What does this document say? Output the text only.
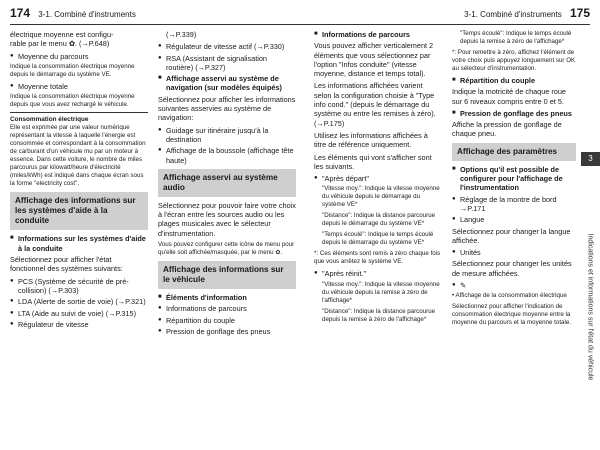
174 3-1. Combiné d'instruments	3-1. Combiné d'instruments 175

électrique moyenne est configu-

rable par le menu ✿. (→P.648)

● Moyenne du parcours

Indique la consommation électrique moyenne depuis le démarrage du système VE.

● Moyenne totale

Indique la consommation électrique moyenne depuis que vous avez rechargé le véhicule.

Consommation électrique

Elle est exprimée par une valeur numérique représentant la vitesse à laquelle l'énergie est consommée et correspondant à la consommation de carburant d'un véhicule mu par un moteur à essence. Dans cette voiture, le nombre de miles parcourus par kilowatt/heure d'électricité (miles/kWh) est indiqué dans chaque écran sous la forme "electricity cost".

Affichage des informations sur les systèmes d'aide à la conduite
■ Informations sur les systèmes d'aide à la conduite

Sélectionnez pour afficher l'état fonctionnel des systèmes suivants:

● PCS (Système de sécurité de pré-collision) (→P.303)
● LDA (Alerte de sortie de voie) (→P.321)
● LTA (Aide au suivi de voie) (→P.315)
● Régulateur de vitesse

(→P.339)

● Régulateur de vitesse actif (→P.330)
● RSA (Assistant de signalisation routière) (→P.327)
■ Affichage asservi au système de navigation (sur modèles équipés)

Sélectionnez pour afficher les informations suivantes asservies au système de navigation:

● Guidage sur itinéraire jusqu'à la destination
● Affichage de la boussole (affichage tête haute)
Affichage asservi au système audio

Sélectionnez pour pouvoir faire votre choix à l'écran entre les sources audio ou les plages musicales avec le sélecteur d'instrumentation.

Vous pouvez configurer cette icône de menu pour qu'elle soit affichée/masquée, par le menu ✿.

Affichage des informations sur le véhicule
■ Éléments d'information
● Informations de parcours
● Répartition du couple
● Pression de gonflage des pneus
■ Informations de parcours

Vous pouvez afficher verticalement 2 éléments que vous sélectionnez par l'option "Infos conduite" (vitesse moyenne, distance et temps total).

Les informations affichées varient selon la configuration choisie à "Type info cond." (depuis le démarrage du système ou entre les remises à zéro). (→P.175)

Utilisez les informations affichées à titre de référence uniquement.

Les éléments qui vont s'afficher sont les suivants.

● "Après départ"

"Vitesse moy.": Indique la vitesse moyenne du véhicule depuis le démarrage du système VE*

"Distance": Indique la distance parcourue depuis le démarrage du système VE*

"Temps écoulé": Indique le temps écoulé depuis le démarrage du système VE*

*: Ces éléments sont remis à zéro chaque fois que vous arrêtez le système VE.

● "Après réinit."

"Vitesse moy.": Indique la vitesse moyenne du véhicule depuis la remise à zéro de l'affichage*

"Distance": Indique la distance parcourue depuis la remise à zéro de l'affichage*

"Temps écoulé": Indique le temps écoulé depuis la remise à zéro de l'affichage*

*: Pour remettre à zéro, affichez l'élément de votre choix puis appuyez longuement sur OK au sélecteur d'instrumentation.

■ Répartition du couple

Indique la motricité de chaque roue sur 6 niveaux compris entre 0 et 5.

■ Pression de gonflage des pneus

Affiche la pression de gonflage de chaque pneu.

Affichage des paramètres
■ Options qu'il est possible de configurer pour l'affichage de l'instrumentation
● Réglage de la montre de bord →P.171
● Langue

Sélectionnez pour changer la langue affichée.

● Unités

Sélectionnez pour changer les unités de mesure affichées.

● ✎

• Affichage de la consommation électrique

Sélectionnez pour afficher l'indication de consommation électrique moyenne entre la moyenne du parcours et la moyenne totale.

3
Indications et informations sur l'état du véhicule
